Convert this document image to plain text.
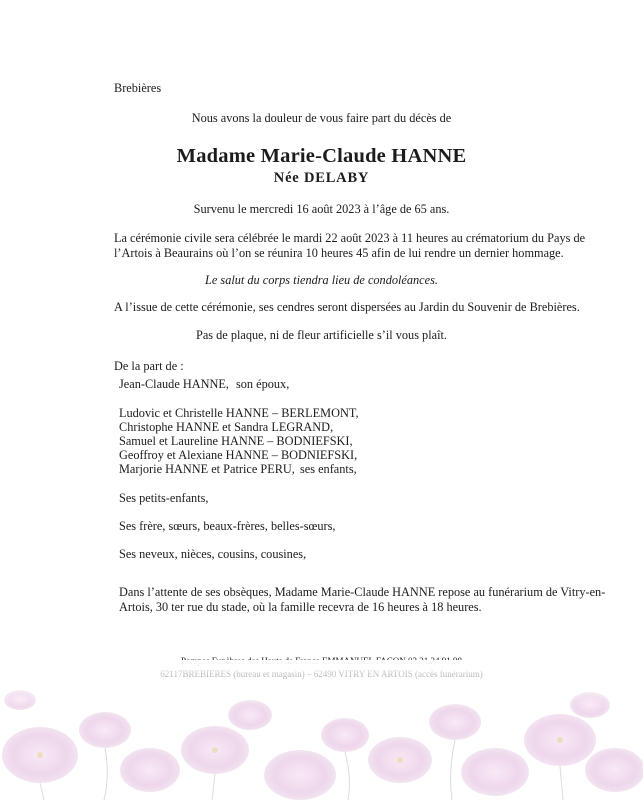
Brebières
Nous avons la douleur de vous faire part du décès de
Madame Marie-Claude HANNE
Née DELABY
Survenu le mercredi 16 août 2023 à l’âge de 65 ans.
La cérémonie civile sera célébrée le mardi 22 août 2023 à 11 heures au crématorium du Pays de
l’Artois à Beaurains où l’on se réunira 10 heures 45 afin de lui rendre un dernier hommage.
Le salut du corps tiendra lieu de condoléances.
A l’issue de cette cérémonie, ses cendres seront dispersées au Jardin du Souvenir de Brebières.
Pas de plaque, ni de fleur artificielle s’il vous plaît.
De la part de :
Jean-Claude HANNE, son époux,
Ludovic et Christelle HANNE – BERLEMONT,
Christophe HANNE et Sandra LEGRAND,
Samuel et Laureline HANNE – BODNIEFSKI,
Geoffroy et Alexiane HANNE – BODNIEFSKI,
Marjorie HANNE et Patrice PERU, ses enfants,
Ses petits-enfants,
Ses frère, sœurs, beaux-frères, belles-sœurs,
Ses neveux, nièces, cousins, cousines,
Dans l’attente de ses obsèques, Madame Marie-Claude HANNE repose au funérarium de Vitry-en-
Artois, 30 ter rue du stade, où la famille recevra de 16 heures à 18 heures.
